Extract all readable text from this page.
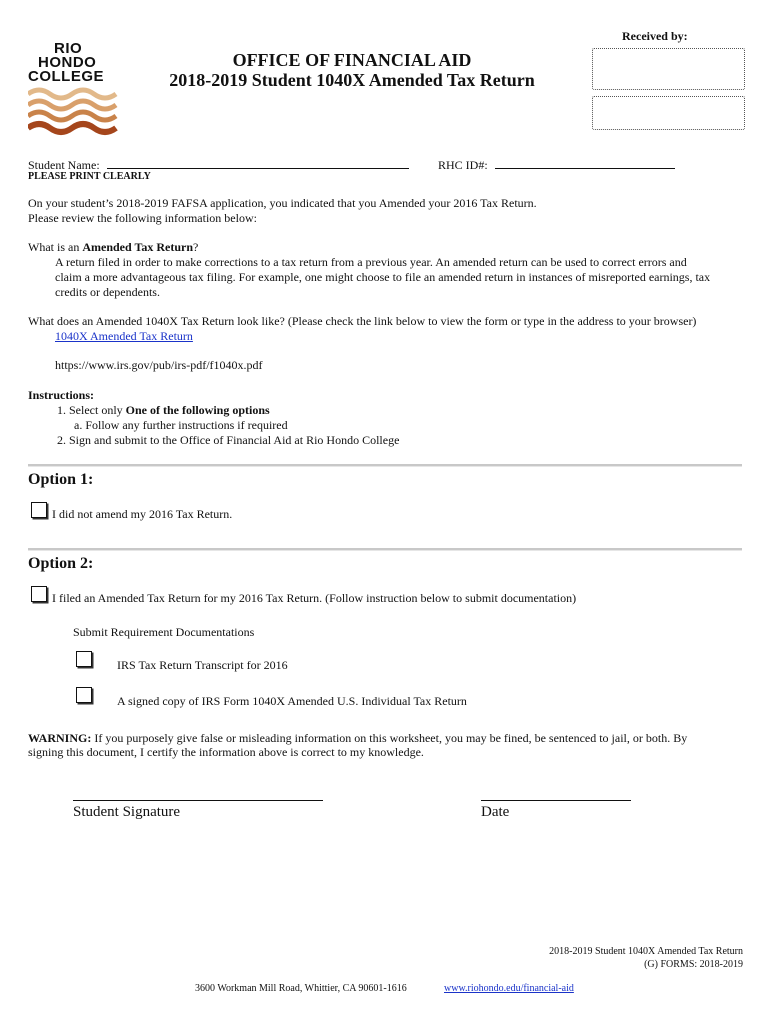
Received by:
RIO
HONDO
COLLEGE
OFFICE OF FINANCIAL AID
2018-2019 Student 1040X Amended Tax Return
Student Name:	RHC ID#:
PLEASE PRINT CLEARLY
On your student’s 2018-2019 FAFSA application, you indicated that you Amended your 2016 Tax Return.
Please review the following information below:
What is an Amended Tax Return?
A return filed in order to make corrections to a tax return from a previous year. An amended return can be used to correct errors and
claim a more advantageous tax filing. For example, one might choose to file an amended return in instances of misreported earnings, tax
credits or dependents.
What does an Amended 1040X Tax Return look like? (Please check the link below to view the form or type in the address to your browser)
1040X Amended Tax Return
https://www.irs.gov/pub/irs-pdf/f1040x.pdf
Instructions:
1. Select only One of the following options
a. Follow any further instructions if required
2. Sign and submit to the Office of Financial Aid at Rio Hondo College
Option 1:
I did not amend my 2016 Tax Return.
Option 2:
I filed an Amended Tax Return for my 2016 Tax Return. (Follow instruction below to submit documentation)
Submit Requirement Documentations
IRS Tax Return Transcript for 2016
A signed copy of IRS Form 1040X Amended U.S. Individual Tax Return
WARNING: If you purposely give false or misleading information on this worksheet, you may be fined, be sentenced to jail, or both. By
signing this document, I certify the information above is correct to my knowledge.
Student Signature	Date
2018-2019 Student 1040X Amended Tax Return
(G) FORMS: 2018-2019
3600 Workman Mill Road, Whittier, CA 90601-1616	www.riohondo.edu/financial-aid
